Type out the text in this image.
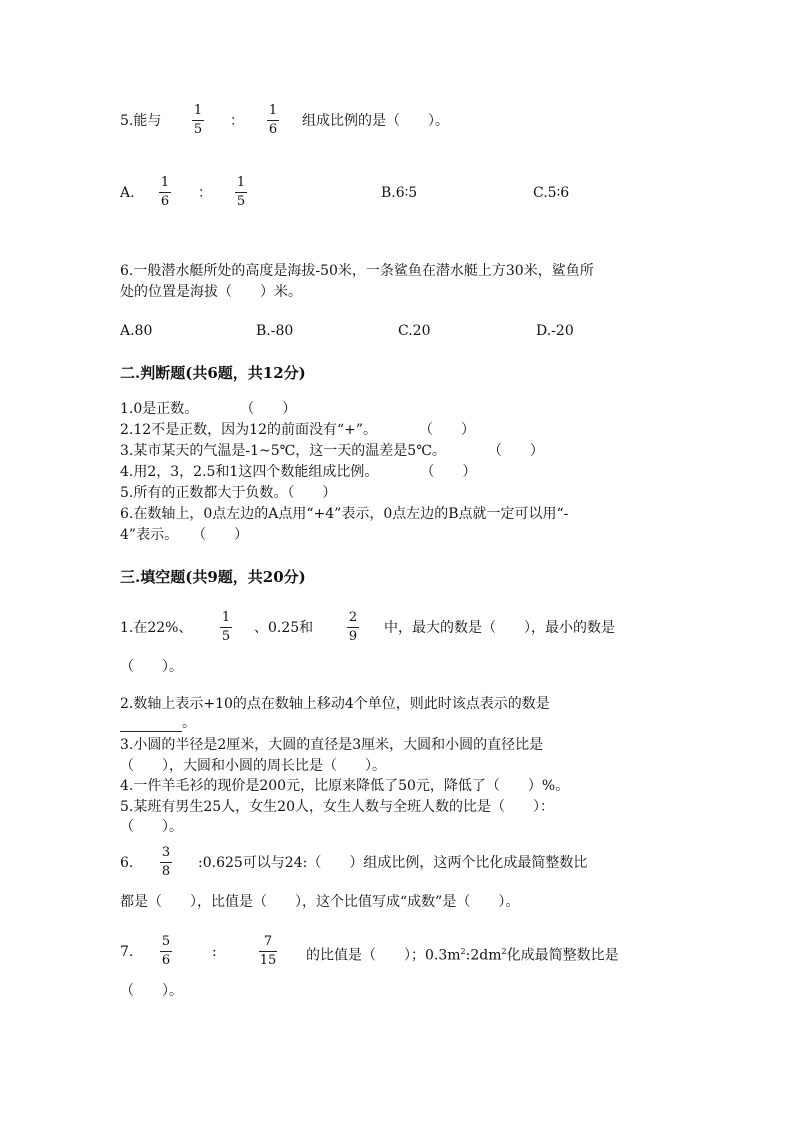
5.能与
1
5
：
1
6
组成比例的是（　　）。
A.
1
6
：
1
5
B.6∶5	C.5∶6
6.一般潜水艇所处的高度是海拔-50米，一条鲨鱼在潜水艇上方30米，鲨鱼所
处的位置是海拔（　　）米。
A.80	B.-80	C.20	D.-20
二.判断题(共6题，共12分)
1.0是正数。　　　　（　　）
2.12不是正数，因为12的前面没有“+”。　　　　（　　）
3.某市某天的气温是-1~5℃，这一天的温差是5℃。　　　　（　　）
4.用2，3，2.5和1这四个数能组成比例。　　　　（　　）
5.所有的正数都大于负数。（　　）
6.在数轴上，0点左边的A点用“+4”表示，0点左边的B点就一定可以用“-
4”表示。　　（　　）
三.填空题(共9题，共20分)
1.在22%、
1
5
、0.25和
2
9
中，最大的数是（　　），最小的数是
（　　）。
2.数轴上表示+10的点在数轴上移动4个单位，则此时该点表示的数是
。
3.小圆的半径是2厘米，大圆的直径是3厘米，大圆和小圆的直径比是
（　　），大圆和小圆的周长比是（　　）。
4.一件羊毛衫的现价是200元，比原来降低了50元，降低了（　　）%。
5.某班有男生25人，女生20人，女生人数与全班人数的比是（　　）：
（　　）。
6.
3
8
:0.625可以与24:（　　）组成比例，这两个比化成最简整数比
都是（　　），比值是（　　），这个比值写成“成数”是（　　）。
7.
5
6
:
7
15 的比值是（　　）；$0.3m^2:2dm^2$化成最简整数比是
（　　）。
